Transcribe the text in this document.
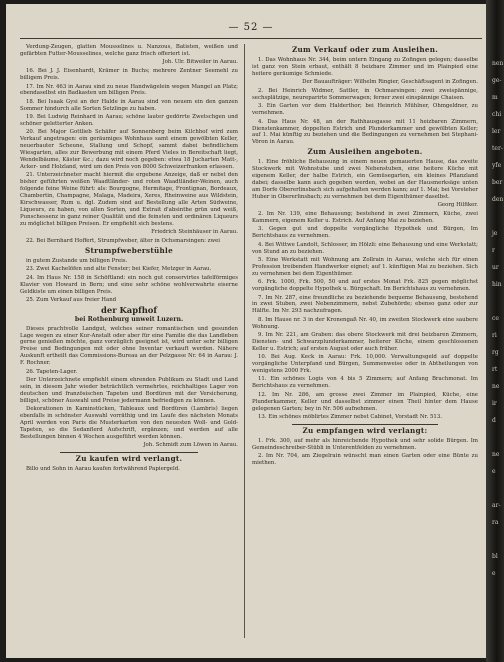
— 52 —

Verdung-Zeugen, glatten Mousselines u. Nanzous, Batisten, weißen und gefärbten Futter-Mousselines, welche ganz frisch offeriert ist.

Joh. Ulr. Bitweiler in Aarau.

16. Bei J. J. Eisenhardt, Krämer in Buchs; mehrere Zentner Seemehl zu billigem Preis.

17. Im Nr. 463 in Aarau sind zu neue Handwägelein wegen Mangel an Platz; ebendaselbst ein Badkasten um billigen Preis.

18. Bei Isaak Gysi an der Halde in Aarau sind von neuem ein den ganzen Sommer hindurch alle Sorten Setzlinge zu haben.

19. Bei Ludwig Reinhard in Aarau; schöne lauter gedörrte Zwetschgen und schöner geletterter Anken.

20. Bei Major Gottlieb Schäfer auf Sonnenberg beim Kilchhof wird zum Verkauf angetragen: ein geräumiges Wohnhaus samt einem gewölbten Keller, neuerbauter Scheune, Stallung und Schopf, sammt dabei befindlichem Wiesgarten, alles zur Bewerbung mit einem Pferd Vieles in Bereitschaft liegt, Wendelbäume, Käster &c.; dazu wird noch gegeben: etwa 18 Jucharten Matt-, Acker- und Holzland, wird um den Preis von 8000 Schweizerfranken erlassen.

21. Unterzeichneter macht hiermit die ergebene Anzeige, daß er nebst den bisher geführten weißen Waadtländer- und roten Waadtländer-Weinen, auch folgende feine Weine führt: als: Bourgogne, Hermitage, Frontignan, Bordeaux, Chambertin, Champagne, Malaga, Madeira, Xeres, Rheinweine aus Wildstein, Kirschwasser, Rum u. dgl. Zudem sind auf Bestellung alle Arten Südweine, Liqueurs, zu haben, von allen Sorten, und Extrait d'absinthe grün und weiß, Punschessenz in ganz reiner Qualität und die feinsten und ordinären Liqueurs zu möglichst billigen Preisen. Er empfiehlt sich bestens.

Friedrich Steinhäuser in Aarau.

22. Bei Bernhard Hoffert, Strumpfweber, älter in Ochsmarsingen: zwei

Strumpfweberstühle

in gutem Zustande um billigen Preis.

23. Zwei Kachelöfen und alte Fenster; bei Kiefer, Metzger in Aarau.

24. Im Haus Nr. 158 in Schöftland: ein noch gut conservirtes tafelförmiges Klavier von Howard in Bern; und eine sehr schöne wohlverwahrte eiserne Geldkiste um einen billigen Preis.

25. Zum Verkauf aus freier Hand

der Kapfhof
bei Rothenburg unweit Luzern.

Dieses prachtvolle Landgut, welches seiner romantischen und gesunden Lage wegen zu einer Kur-Anstalt oder aber für eine Familie die das Landleben gerne genießen möchte, ganz vorzüglich geeignet ist, wird unter sehr billigen Preise und Bedingungen mit oder ohne Inventar verkauft werden. Nähere Auskunft ertheilt das Commissions-Bureau an der Pelzgasse Nr. 64 in Aarau: J. F. Rochner.

26. Tapeten-Lager.

Der Unterzeichnete empfiehlt einem ehrenden Publikum zu Stadt und Land sein, in diesem Jahr wieder beträchtlich vermehrtes, reichhaltiges Lager von deutschen und französischen Tapeten und Bordüren mit der Versicherung, billigst, schöner Auswahl und Preise jedermann befriedigen zu können.

Dekorationen in Kaminstücken, Tableaux und Bordüren (Lambris) liegen ebenfalls in schönster Auswahl vorräthig und im Laufe des nächsten Monats April werden von Paris die Musterkarten von den neuesten Woll- und Gold-Tapeten, so die Sedanflerd Aufschrift, ergänzen; und werden auf alle Bestellungen binnen 4 Wochen ausgeführt werden können.

Joh. Schmidt zum Löwen in Aarau.

Zu kaufen wird verlangt.

Billo und Sohn in Aarau kaufen fortwährend Papiergeld.

Zum Verkauf oder zum Ausleihen.

1. Das Wohnhaus Nr. 344, beim untern Eingang zu Zofingen gelegen; dasselbe ist ganz von Stein erbaut, enthält 8 heizbare Zimmer und im Plainpied eine heitere geräumige Schmiede.

Der Bauaufträger: Wilhelm Ringier, Geschäftsagent in Zofingen.

2. Bei Heinrich Widmer, Sattler, in Ochmarsingen: zwei zweispännige, sechsplätzige, neureparirte Sommerwagen; ferner zwei einspännige Chaisen.

3. Ein Garten vor dem Halderthor; bei Heinrich Mühlner, Ohmgeldner, zu vernehmen.

4. Das Haus Nr. 48, an der Rathhausgasse mit 11 heizbaren Zimmern, Dienstenkammer, doppelten Estrich und Plunderkammer und gewölbten Keller; auf 1. Mai künftig zu beziehen und die Bedingungen zu vernehmen bei Stephani-Vöron in Aarau.

Zum Ausleihen angeboten.

1. Eine fröhliche Behausung in einem neuen gemauerten Hause, das zweite Stockwerk mit Wohnstube und zwei Nebenstuben, eine heitere Küche mit eigenem Keller, der halbe Estrich, ein Gemüsegarten, ein kleines Pflanzland dabei; dasselbe kann auch gegeben werden, wobei an der Hausmerksäge unten am Dorfe Obererlinsbach sich aufgehalten werden kann; auf 1. Mai; bei Vorsteher Huber in Obererlinsbach; zu vernehmen bei dem Eigenthümer daselbst.

Georg Hilfiker.

2. Im Nr. 139, eine Behausung; bestehend in zwei Zimmern, Küche, zwei Kammern, eigenem Keller u. Estrich. Auf Anfang Mai zu beziehen.

3. Gegen gut und doppelte vorgängliche Hypothek und Bürgen, Im Berichtshaus zu vernehmen.

4. Bei Wittwe Landolt, Schlosser, im Hölzli: eine Behausung und eine Werkstatt; von Stund an zu beziehen.

5. Eine Werkstatt mit Wohnung am Zollrain in Aarau, welche sich für einen Profession treibenden Handwerker eignet; auf 1. künftigen Mai zu beziehen. Sich zu vernehmen bei dem Eigenthümer.

6. Frk. 1000, Frk. 500, 50 und auf erstes Monat Frk. 825 gegen möglichst vorgängliche doppelte Hypothek u. Bürgschaft. Im Berichtshaus zu vernehmen.

7. Im Nr. 287, eine freundliche zu beziehende bequeme Behausung, bestehend in zwei Stuben, zwei Nebenzimmern, nebst Zubehörde; ebenso ganz oder zur Hälfte. Im Nr. 293 nachzufragen.

8. Im Hause nr. 3 in der Kronengaß Nr. 40, im zweiten Stockwerk eine saubere Wohnung.

9. Im Nr. 221, am Graben: das obere Stockwerk mit drei heizbaren Zimmern, Diensten- und Schwarzplunderkammer, heiterer Küche, einem geschlossenen Keller u. Estrich; auf ersten August oder auch früher.

10. Bei Aug. Keck in Aarau: Frk. 10,000. Verwaltungsgeld auf doppelte vorgängliche Unterpfand und Bürgen, Summenweise oder in Abtheilungen von wenigstens 2000 Frk.

11. Ein schönes Logis von 4 bis 5 Zimmern; auf Anfang Brachmonat. Im Berichtshaus zu vernehmen.

12. Im Nr. 286, am grosse zwei Zimmer im Plainpied, Küche, eine Plunderkammer, Keller und dasselbst zimmer einen Theil hinter dem Hause gelegenen Garten; bey in Nr. 506 aufnehmen.

13. Ein schönes möblirtes Zimmer nebst Cabinet, Vorstadt Nr. 513.

Zu empfangen wird verlangt:

1. Frk. 300, auf mehr als hinreichende Hypothek und sehr solide Bürgen. Im Gemeindeschreiber-Stübli in Unterentfelden zu vernehmen.

2. Im Nr. 704, am Ziegelrain wünscht man einen Garten oder eine Bünte zu miethen.

nen
ge-
m
chi
ler
ter-
yfe
ber
den
je
r
ur
hin
ce
ri
rg
rt
ne
ir
d
ne
e
ar-
ra
bl
e
